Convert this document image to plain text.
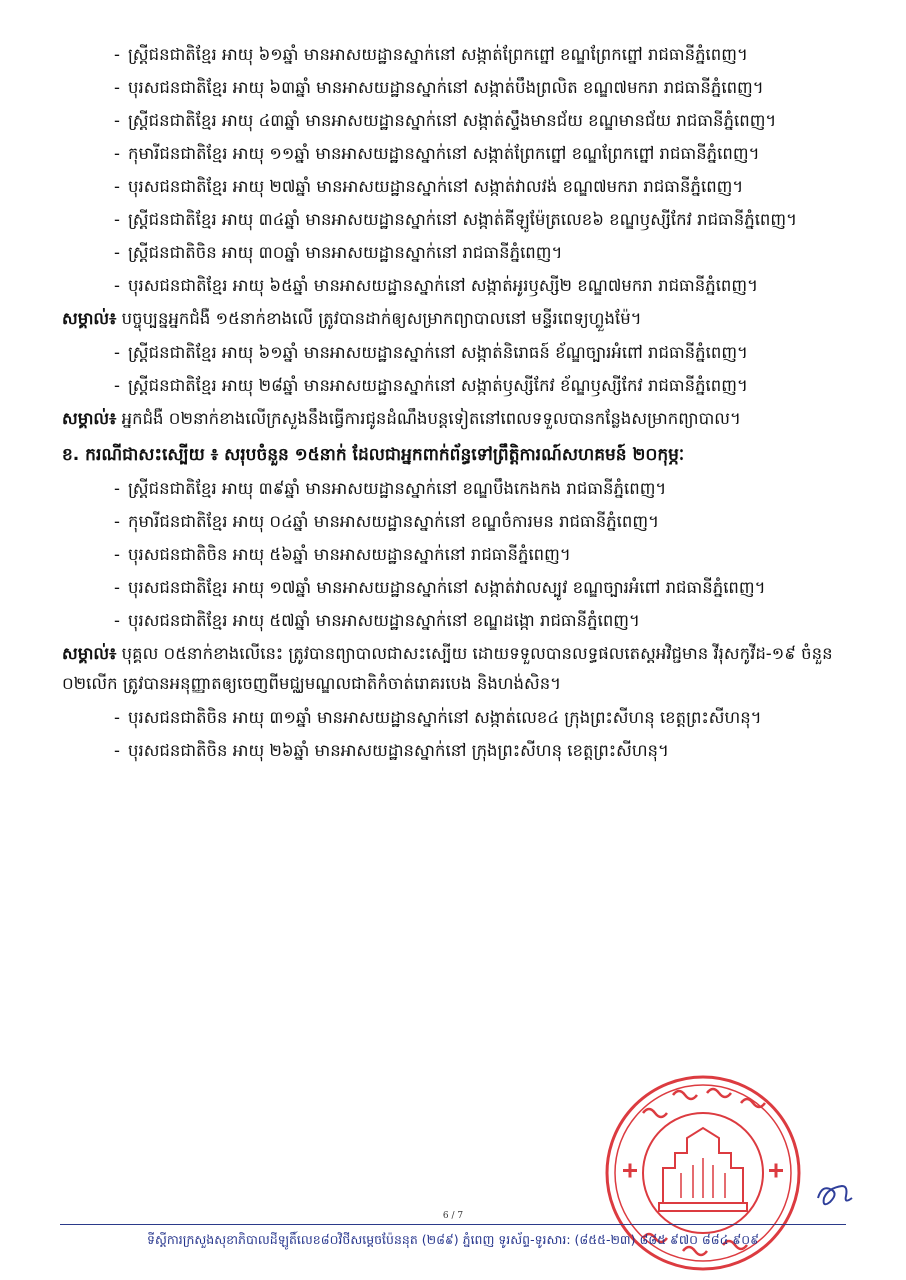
- ស្ត្រីជនជាតិខ្មែរ អាយុ ៦១ឆ្នាំ មានអាសយដ្ឋានស្នាក់នៅ សង្កាត់ព្រែកព្នៅ ខណ្ឌព្រែកព្នៅ រាជធានីភ្នំពេញ។
- បុរសជនជាតិខ្មែរ អាយុ ៦៣ឆ្នាំ មានអាសយដ្ឋានស្នាក់នៅ សង្កាត់បឹងព្រលិត ខណ្ឌ៧មករា រាជធានីភ្នំពេញ។
- ស្ត្រីជនជាតិខ្មែរ អាយុ ៤៣ឆ្នាំ មានអាសយដ្ឋានស្នាក់នៅ សង្កាត់ស្ទឹងមានជ័យ ខណ្ឌមានជ័យ រាជធានីភ្នំពេញ។
- កុមារីជនជាតិខ្មែរ អាយុ ១១ឆ្នាំ មានអាសយដ្ឋានស្នាក់នៅ សង្កាត់ព្រែកព្នៅ ខណ្ឌព្រែកព្នៅ រាជធានីភ្នំពេញ។
- បុរសជនជាតិខ្មែរ អាយុ ២៧ឆ្នាំ មានអាសយដ្ឋានស្នាក់នៅ សង្កាត់វាលវង់ ខណ្ឌ៧មករា រាជធានីភ្នំពេញ។
- ស្ត្រីជនជាតិខ្មែរ អាយុ ៣៤ឆ្នាំ មានអាសយដ្ឋានស្នាក់នៅ សង្កាត់គីឡូម៉ែត្រលេខ៦ ខណ្ឌឫស្សីកែវ រាជធានីភ្នំពេញ។
- ស្ត្រីជនជាតិចិន អាយុ ៣០ឆ្នាំ មានអាសយដ្ឋានស្នាក់នៅ រាជធានីភ្នំពេញ។
- បុរសជនជាតិខ្មែរ អាយុ ៦៥ឆ្នាំ មានអាសយដ្ឋានស្នាក់នៅ សង្កាត់អូរឫស្សី២ ខណ្ឌ៧មករា រាជធានីភ្នំពេញ។
សម្គាល់៖ បច្ចុប្បន្នអ្នកជំងឺ ១៥នាក់ខាងលើ ត្រូវបានដាក់ឲ្យសម្រាកព្យាបាលនៅ មន្ទីរពេទ្យហ្លួងម៉ែ។
- ស្ត្រីជនជាតិខ្មែរ អាយុ ៦១ឆ្នាំ មានអាសយដ្ឋានស្នាក់នៅ សង្កាត់និរោធន៍ ខ័ណ្ឌច្បារអំពៅ រាជធានីភ្នំពេញ។
- ស្ត្រីជនជាតិខ្មែរ អាយុ ២៨ឆ្នាំ មានអាសយដ្ឋានស្នាក់នៅ សង្កាត់ឫស្សីកែវ ខ័ណ្ឌឫស្សីកែវ រាជធានីភ្នំពេញ។
សម្គាល់៖ អ្នកជំងឺ ០២នាក់ខាងលើក្រសួងនឹងធ្វើការជូនដំណឹងបន្តទៀតនៅពេលទទួលបានកន្លែងសម្រាកព្យាបាល។
ខ. ករណីជាសះស្បើយ ៖ សរុបចំនួន ១៥នាក់ ដែលជាអ្នកពាក់ព័ន្ធទៅព្រឹត្តិការណ៍សហគមន៍ ២០កុម្ភៈ
- ស្ត្រីជនជាតិខ្មែរ អាយុ ៣៩ឆ្នាំ មានអាសយដ្ឋានស្នាក់នៅ ខណ្ឌបឹងកេងកង រាជធានីភ្នំពេញ។
- កុមារីជនជាតិខ្មែរ អាយុ ០៤ឆ្នាំ មានអាសយដ្ឋានស្នាក់នៅ ខណ្ឌចំការមន រាជធានីភ្នំពេញ។
- បុរសជនជាតិចិន អាយុ ៥៦ឆ្នាំ មានអាសយដ្ឋានស្នាក់នៅ រាជធានីភ្នំពេញ។
- បុរសជនជាតិខ្មែរ អាយុ ១៧ឆ្នាំ មានអាសយដ្ឋានស្នាក់នៅ សង្កាត់វាលស្បូវ ខណ្ឌច្បារអំពៅ រាជធានីភ្នំពេញ។
- បុរសជនជាតិខ្មែរ អាយុ ៥៧ឆ្នាំ មានអាសយដ្ឋានស្នាក់នៅ ខណ្ឌដង្កោ រាជធានីភ្នំពេញ។
សម្គាល់៖ បុគ្គល ០៥នាក់ខាងលើនេះ ត្រូវបានព្យាបាលជាសះស្បើយ ដោយទទួលបានលទ្ធផលតេស្តអវិជ្ជមាន វីរុសកូវីដ-១៩ ចំនួន ០២លើក ត្រូវបានអនុញ្ញាតឲ្យចេញពីមជ្ឈមណ្ឌលជាតិកំចាត់រោគរបេង និងហង់សិន។
- បុរសជនជាតិចិន អាយុ ៣១ឆ្នាំ មានអាសយដ្ឋានស្នាក់នៅ សង្កាត់លេខ៤ ក្រុងព្រះសីហនុ ខេត្តព្រះសីហនុ។
- បុរសជនជាតិចិន អាយុ ២៦ឆ្នាំ មានអាសយដ្ឋានស្នាក់នៅ ក្រុងព្រះសីហនុ ខេត្តព្រះសីហនុ។
6 / 7
ទីស្តីការក្រសួងសុខាភិបាលដីឡូតិ៍លេខ៨០វិថីសម្តេចប៉ែននុត (២៨៩) ភ្នំពេញ ទូរស័ព្ទ-ទូរសារ: (៨៥៥-២៣) ៨៨៥ ៩៧០ ៨៨៤ ៩០៩
